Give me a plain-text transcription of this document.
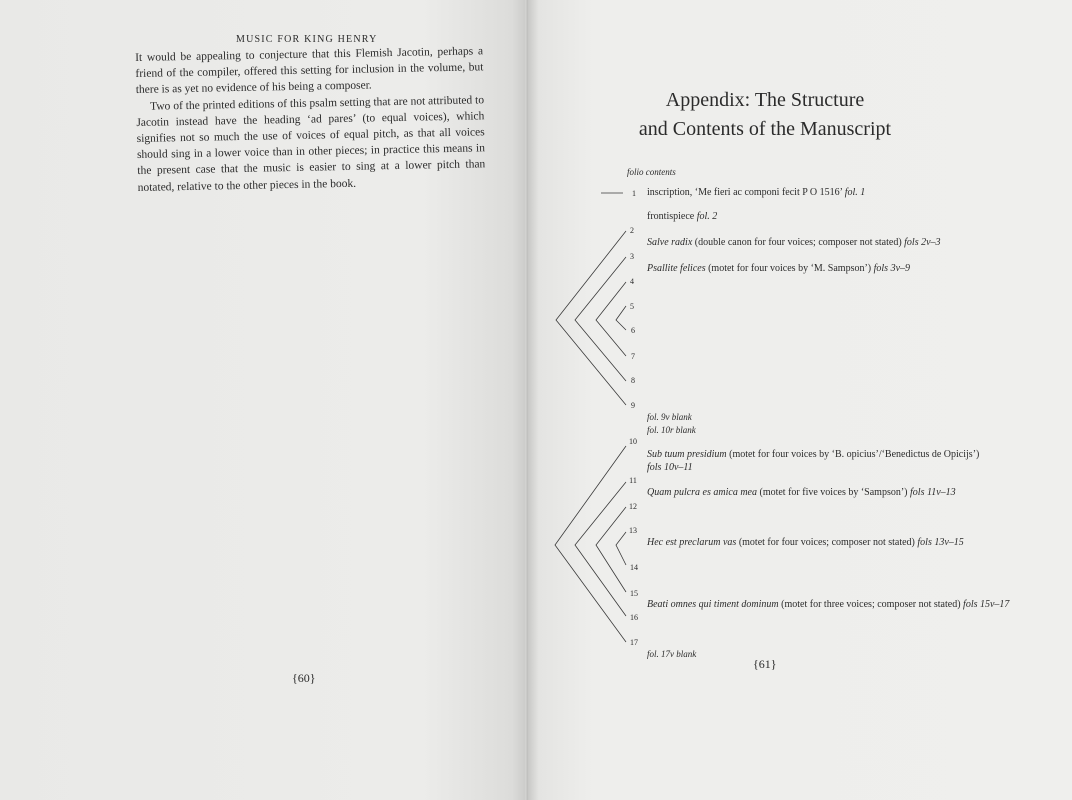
MUSIC FOR KING HENRY

It would be appealing to conjecture that this Flemish Jacotin, perhaps a friend of the compiler, offered this setting for inclusion in the volume, but there is as yet no evidence of his being a composer.

Two of the printed editions of this psalm setting that are not attributed to Jacotin instead have the heading ‘ad pares’ (to equal voices), which signifies not so much the use of voices of equal pitch, as that all voices should sing in a lower voice than in other pieces; in practice this means in the present case that the music is easier to sing at a lower pitch than notated, relative to the other pieces in the book.

{60}
Appendix: The Structure
and Contents of the Manuscript
folio contents
1
2
3
4
5
6
7
8
9
10
11
12
13
14
15
16
17
inscription, ‘Me fieri ac componi fecit P O 1516’ fol. 1
frontispiece fol. 2
Salve radix (double canon for four voices; composer not stated) fols 2v–3
Psallite felices (motet for four voices by ‘M. Sampson’) fols 3v–9
fol. 9v blank
fol. 10r blank
Sub tuum presidium (motet for four voices by ‘B. opicius’/‘Benedictus de Opicijs’)
fols 10v–11
Quam pulcra es amica mea (motet for five voices by ‘Sampson’) fols 11v–13
Hec est preclarum vas (motet for four voices; composer not stated) fols 13v–15
Beati omnes qui timent dominum (motet for three voices; composer not stated) fols 15v–17
fol. 17v blank
{61}
